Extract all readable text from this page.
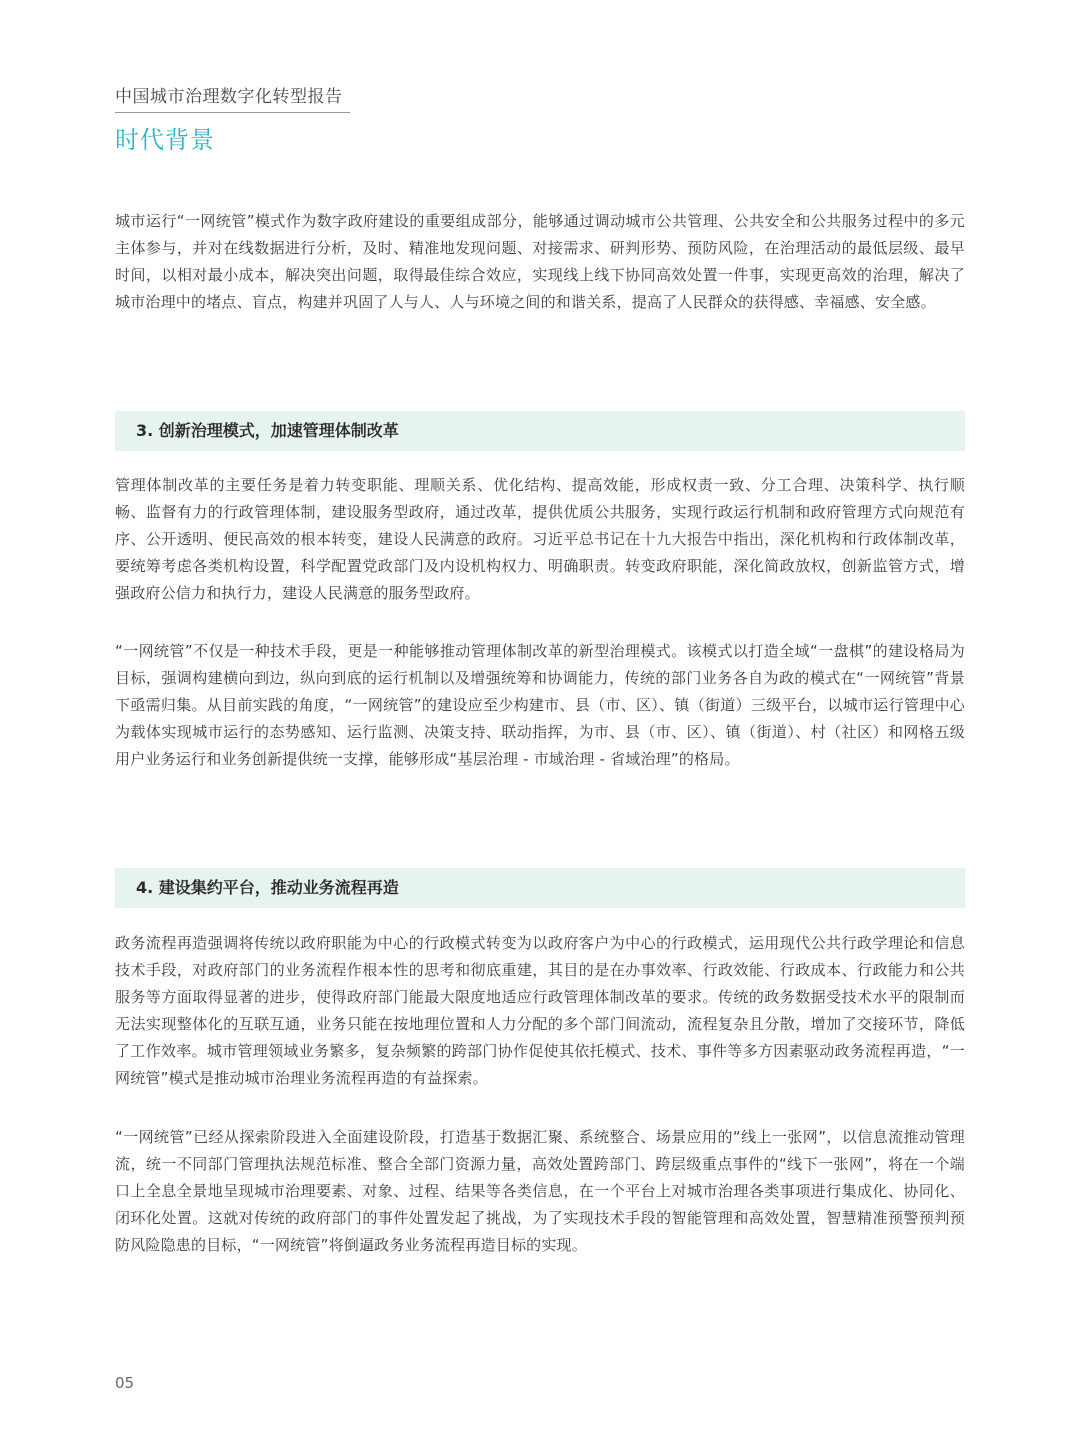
中国城市治理数字化转型报告
时代背景

城市运行“一网统管”模式作为数字政府建设的重要组成部分，能够通过调动城市公共管理、公共安全和公共服务过程中的多元主体参与，并对在线数据进行分析，及时、精准地发现问题、对接需求、研判形势、预防风险，在治理活动的最低层级、最早时间，以相对最小成本，解决突出问题，取得最佳综合效应，实现线上线下协同高效处置一件事，实现更高效的治理，解决了城市治理中的堵点、盲点，构建并巩固了人与人、人与环境之间的和谐关系，提高了人民群众的获得感、幸福感、安全感。

3. 创新治理模式，加速管理体制改革

管理体制改革的主要任务是着力转变职能、理顺关系、优化结构、提高效能，形成权责一致、分工合理、决策科学、执行顺畅、监督有力的行政管理体制，建设服务型政府，通过改革，提供优质公共服务，实现行政运行机制和政府管理方式向规范有序、公开透明、便民高效的根本转变，建设人民满意的政府。习近平总书记在十九大报告中指出，深化机构和行政体制改革，要统筹考虑各类机构设置，科学配置党政部门及内设机构权力、明确职责。转变政府职能，深化简政放权，创新监管方式，增强政府公信力和执行力，建设人民满意的服务型政府。

“一网统管”不仅是一种技术手段，更是一种能够推动管理体制改革的新型治理模式。该模式以打造全域“一盘棋”的建设格局为目标，强调构建横向到边，纵向到底的运行机制以及增强统筹和协调能力，传统的部门业务各自为政的模式在“一网统管”背景下亟需归集。从目前实践的角度，“一网统管”的建设应至少构建市、县（市、区）、镇（街道）三级平台，以城市运行管理中心为载体实现城市运行的态势感知、运行监测、决策支持、联动指挥，为市、县（市、区）、镇（街道）、村（社区）和网格五级用户业务运行和业务创新提供统一支撑，能够形成“基层治理 - 市域治理 - 省域治理”的格局。

4. 建设集约平台，推动业务流程再造

政务流程再造强调将传统以政府职能为中心的行政模式转变为以政府客户为中心的行政模式，运用现代公共行政学理论和信息技术手段，对政府部门的业务流程作根本性的思考和彻底重建，其目的是在办事效率、行政效能、行政成本、行政能力和公共服务等方面取得显著的进步，使得政府部门能最大限度地适应行政管理体制改革的要求。传统的政务数据受技术水平的限制而无法实现整体化的互联互通，业务只能在按地理位置和人力分配的多个部门间流动，流程复杂且分散，增加了交接环节，降低了工作效率。城市管理领域业务繁多，复杂频繁的跨部门协作促使其依托模式、技术、事件等多方因素驱动政务流程再造，“一网统管”模式是推动城市治理业务流程再造的有益探索。

“一网统管”已经从探索阶段进入全面建设阶段，打造基于数据汇聚、系统整合、场景应用的“线上一张网”，以信息流推动管理流，统一不同部门管理执法规范标准、整合全部门资源力量，高效处置跨部门、跨层级重点事件的“线下一张网”，将在一个端口上全息全景地呈现城市治理要素、对象、过程、结果等各类信息，在一个平台上对城市治理各类事项进行集成化、协同化、闭环化处置。这就对传统的政府部门的事件处置发起了挑战，为了实现技术手段的智能管理和高效处置，智慧精准预警预判预防风险隐患的目标，“一网统管”将倒逼政务业务流程再造目标的实现。

05
